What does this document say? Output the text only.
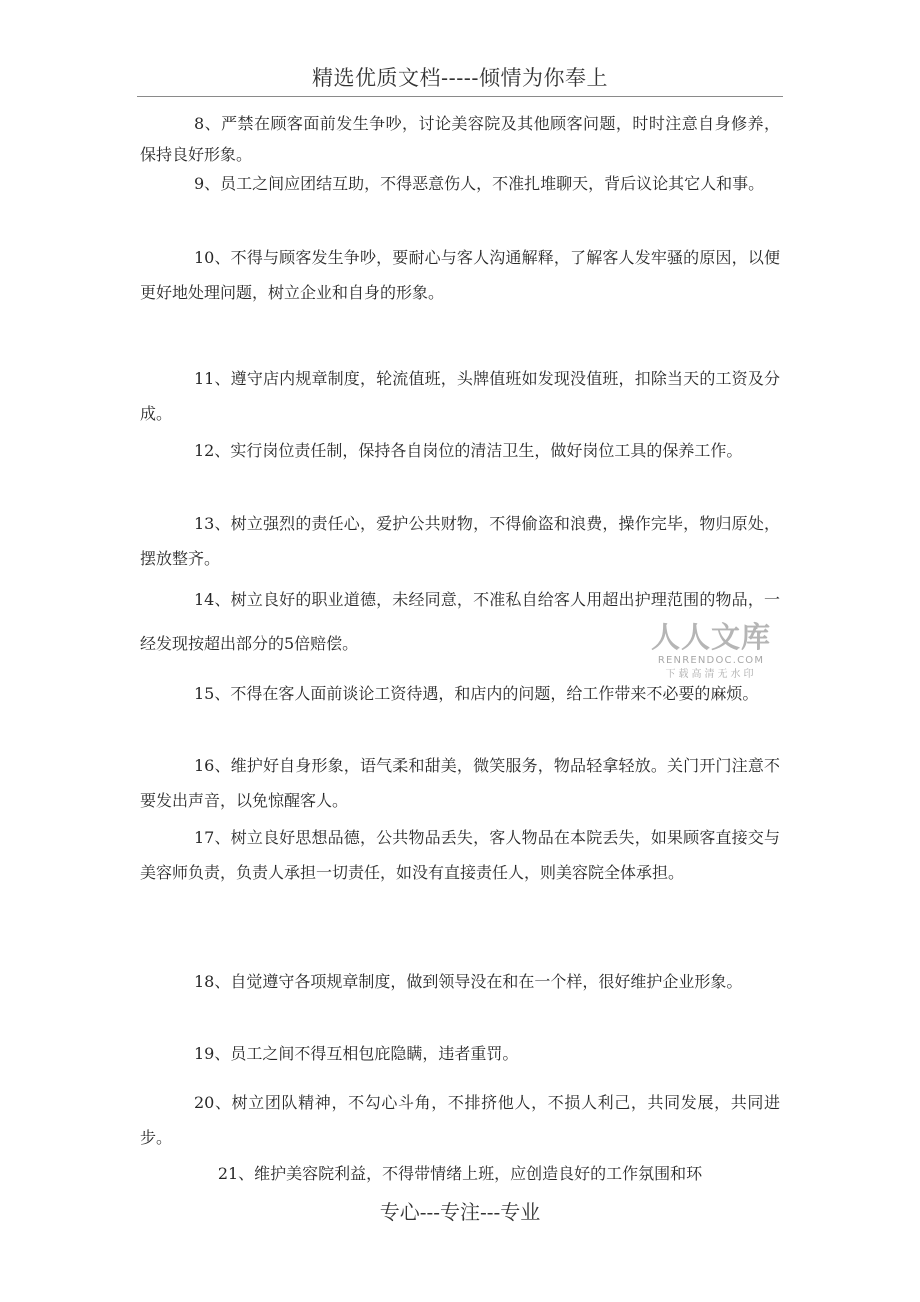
精选优质文档-----倾情为你奉上

8、严禁在顾客面前发生争吵，讨论美容院及其他顾客问题，时时注意自身修养，保持良好形象。

9、员工之间应团结互助，不得恶意伤人，不准扎堆聊天，背后议论其它人和事。

10、不得与顾客发生争吵，要耐心与客人沟通解释，了解客人发牢骚的原因，以便更好地处理问题，树立企业和自身的形象。

11、遵守店内规章制度，轮流值班，头牌值班如发现没值班，扣除当天的工资及分成。

12、实行岗位责任制，保持各自岗位的清洁卫生，做好岗位工具的保养工作。

13、树立强烈的责任心，爱护公共财物，不得偷盗和浪费，操作完毕，物归原处，摆放整齐。

14、树立良好的职业道德，未经同意，不准私自给客人用超出护理范围的物品，一经发现按超出部分的5倍赔偿。	人人文库
RENRENDOC.COM
下载高清无水印

15、不得在客人面前谈论工资待遇，和店内的问题，给工作带来不必要的麻烦。

16、维护好自身形象，语气柔和甜美，微笑服务，物品轻拿轻放。关门开门注意不要发出声音，以免惊醒客人。

17、树立良好思想品德，公共物品丢失，客人物品在本院丢失，如果顾客直接交与美容师负责，负责人承担一切责任，如没有直接责任人，则美容院全体承担。

18、自觉遵守各项规章制度，做到领导没在和在一个样，很好维护企业形象。

19、员工之间不得互相包庇隐瞒，违者重罚。

20、树立团队精神，不勾心斗角，不排挤他人，不损人利己，共同发展，共同进步。

21、维护美容院利益，不得带情绪上班，应创造良好的工作氛围和环

专心---专注---专业
